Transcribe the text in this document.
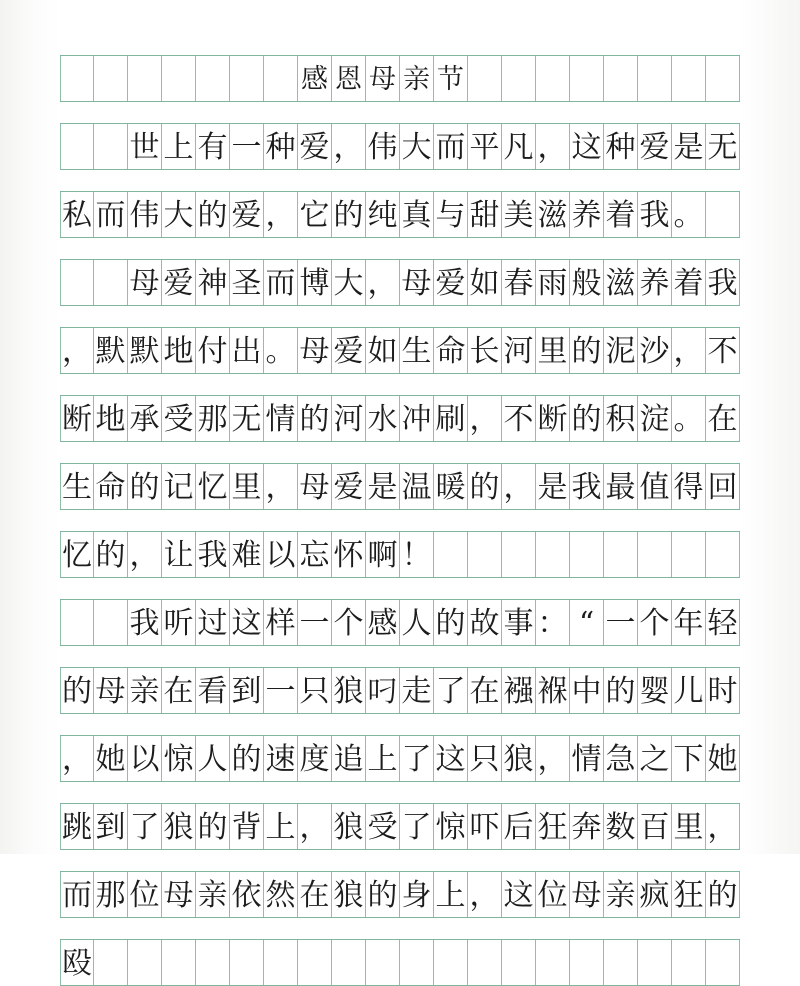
感 恩 母 亲 节
世 上 有 一 种 爱 ， 伟 大 而 平 凡 ， 这 种 爱 是 无
私 而 伟 大 的 爱 ， 它 的 纯 真 与 甜 美 滋 养 着 我 。
母 爱 神 圣 而 博 大 ， 母 爱 如 春 雨 般 滋 养 着 我
， 默 默 地 付 出 。 母 爱 如 生 命 长 河 里 的 泥 沙 ， 不
断 地 承 受 那 无 情 的 河 水 冲 刷 ， 不 断 的 积 淀 。 在
生 命 的 记 忆 里 ， 母 爱 是 温 暖 的 ， 是 我 最 值 得 回
忆 的 ， 让 我 难 以 忘 怀 啊 ！
我 听 过 这 样 一 个 感 人 的 故 事 ： “ 一 个 年 轻
的 母 亲 在 看 到 一 只 狼 叼 走 了 在 襁 褓 中 的 婴 儿 时
， 她 以 惊 人 的 速 度 追 上 了 这 只 狼 ， 情 急 之 下 她
跳 到 了 狼 的 背 上 ， 狼 受 了 惊 吓 后 狂 奔 数 百 里 ，
而 那 位 母 亲 依 然 在 狼 的 身 上 ， 这 位 母 亲 疯 狂 的
殴
